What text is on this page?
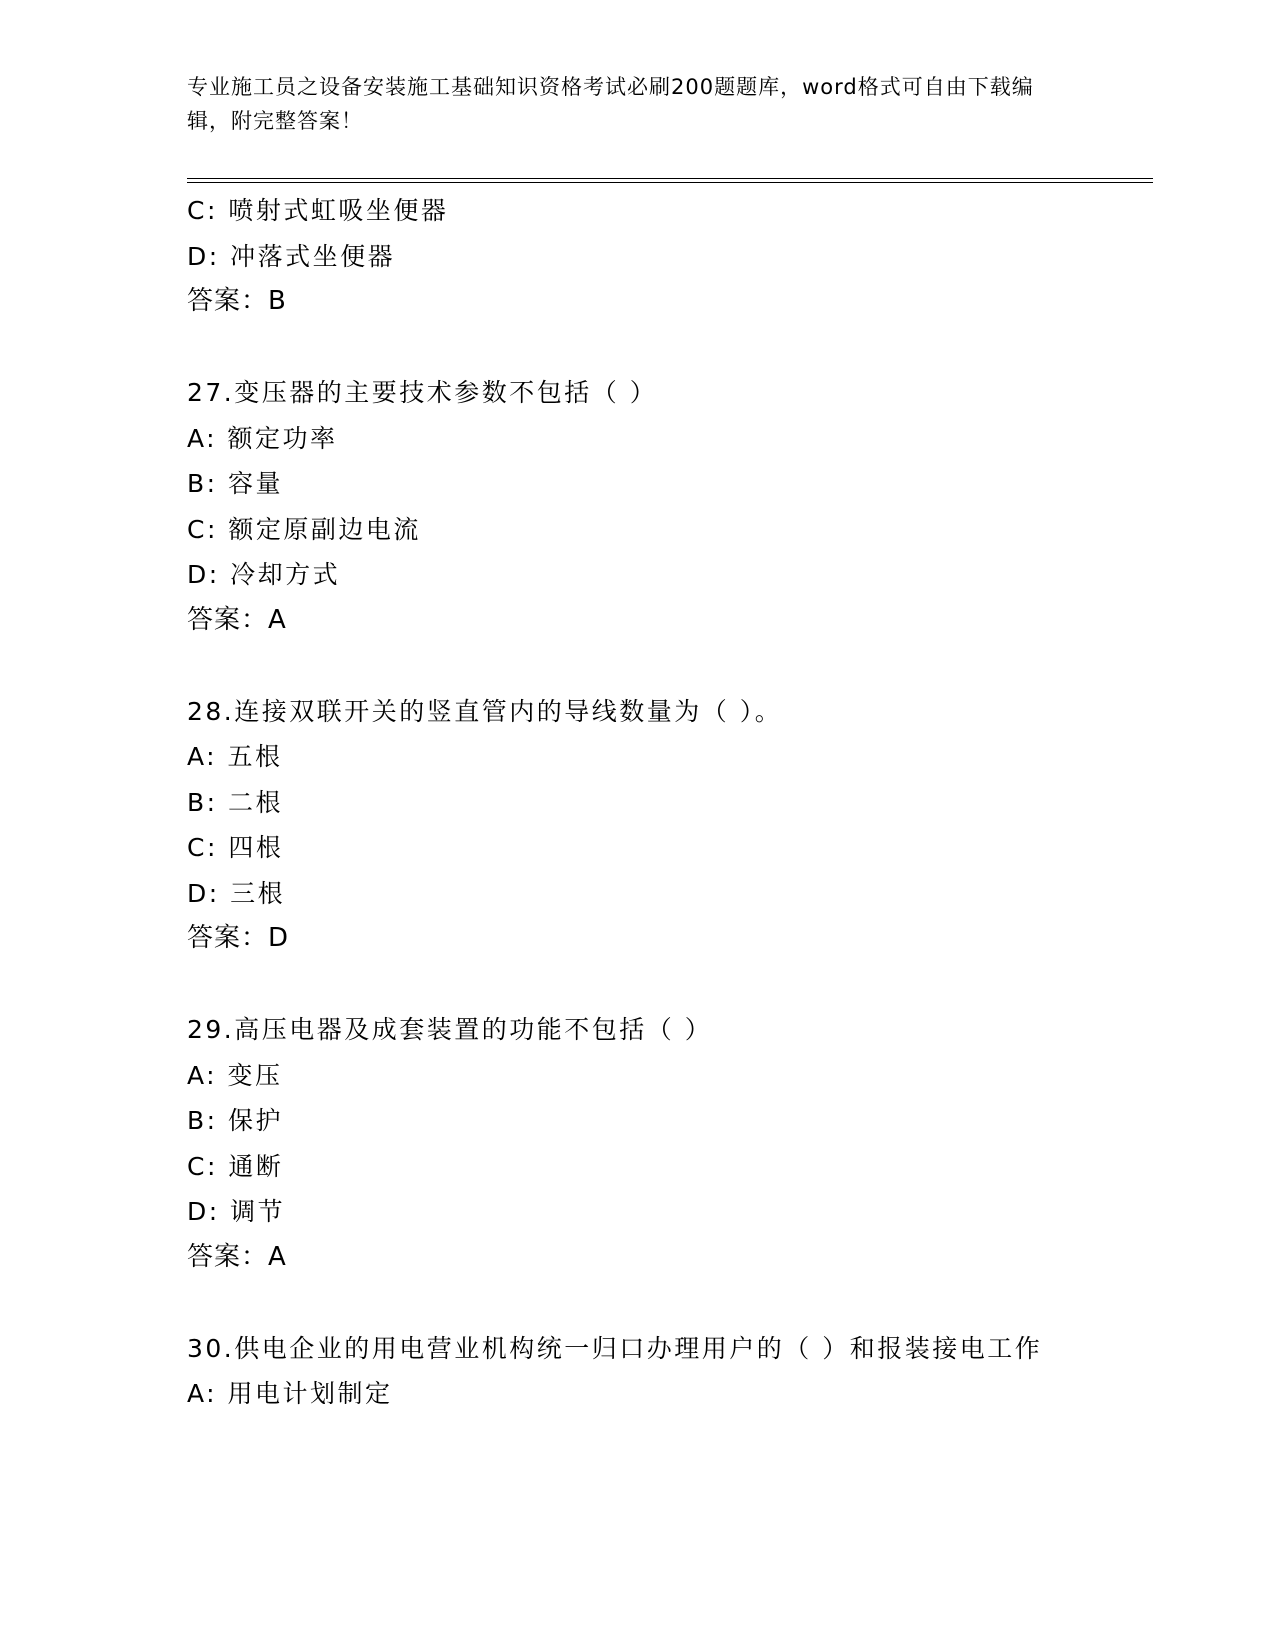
专业施工员之设备安装施工基础知识资格考试必刷200题题库，word格式可自由下载编辑，附完整答案！
C: 喷射式虹吸坐便器
D: 冲落式坐便器
答案：B
27.变压器的主要技术参数不包括（ ）
A: 额定功率
B: 容量
C: 额定原副边电流
D: 冷却方式
答案：A
28.连接双联开关的竖直管内的导线数量为（ ）。
A: 五根
B: 二根
C: 四根
D: 三根
答案：D
29.高压电器及成套装置的功能不包括（ ）
A: 变压
B: 保护
C: 通断
D: 调节
答案：A
30.供电企业的用电营业机构统一归口办理用户的（ ）和报装接电工作
A: 用电计划制定
